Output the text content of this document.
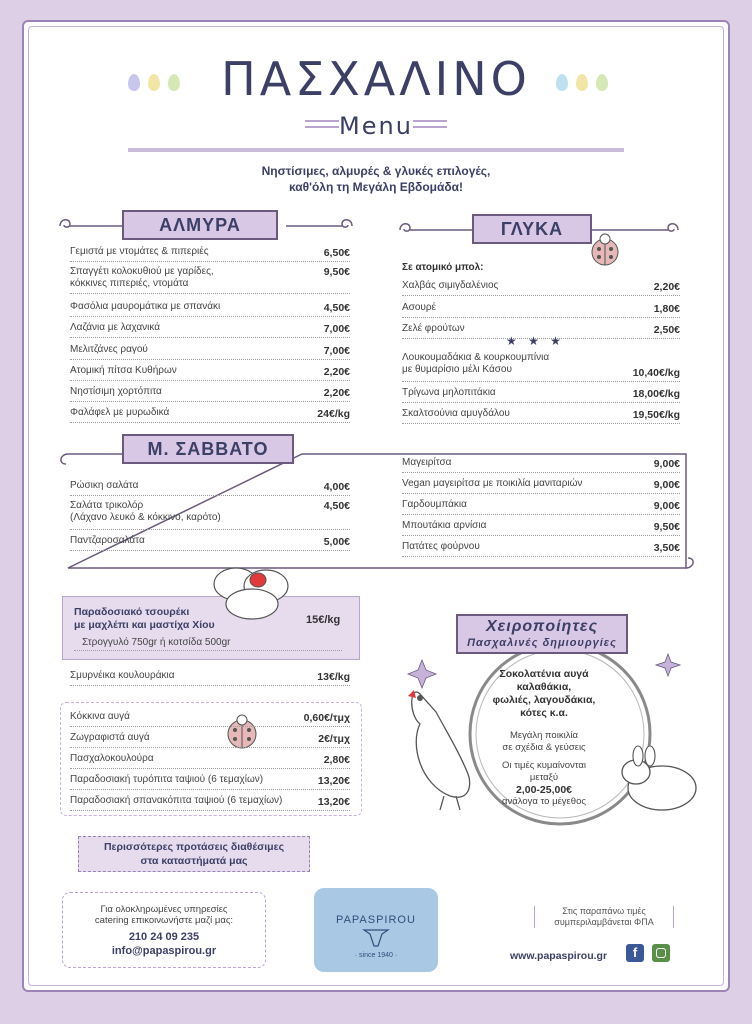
ΠΑΣΧΑΛΙΝΟ
Menu
Νηστίσιμες, αλμυρές & γλυκές επιλογές,
καθ'όλη τη Μεγάλη Εβδομάδα!
ΑΛΜΥΡΑ	ΓΛΥΚΑ
Γεμιστά με ντομάτες & πιπεριές	6,50€
Σπαγγέτι κολοκυθιού με γαρίδες,
κόκκινες πιπεριές, ντομάτα
9,50€
Φασόλια μαυρομάτικα με σπανάκι	4,50€
Λαζάνια με λαχανικά	7,00€
Μελιτζάνες ραγού	7,00€
Ατομική πίτσα Κυθήρων	2,20€
Νηστίσιμη χορτόπιτα	2,20€
Φαλάφελ με μυρωδικά	24€/kg
Σε ατομικό μπολ:
Χαλβάς σιμιγδαλένιος	2,20€
Ασουρέ	1,80€
Ζελέ φρούτων	2,50€
★ ★ ★
Λουκουμαδάκια & κουρκουμπίνια
με θυμαρίσιο μέλι Κάσου	10,40€/kg
Τρίγωνα μηλοπιτάκια	18,00€/kg
Σκαλτσούνια αμυγδάλου	19,50€/kg
Μ. ΣΑΒΒΑΤΟ
Ρώσικη σαλάτα	4,00€
Σαλάτα τρικολόρ
(Λάχανο λευκό & κόκκινο, καρότο)
4,50€
Παντζαροσαλάτα	5,00€
Μαγειρίτσα	9,00€
Vegan μαγειρίτσα με ποικιλία μανιταριών	9,00€
Γαρδουμπάκια	9,00€
Μπουτάκια αρνίσια	9,50€
Πατάτες φούρνου	3,50€
Παραδοσιακό τσουρέκι
με μαχλέπι και μαστίχα Χίου	15€/kg
Στρογγυλό 750gr ή κοτσίδα 500gr
Σμυρνέικα κουλουράκια	13€/kg
Κόκκινα αυγά	0,60€/τμχ
Ζωγραφιστά αυγά	2€/τμχ
Πασχαλοκουλούρα	2,80€
Παραδοσιακή τυρόπιτα ταψιού (6 τεμαχίων)	13,20€
Παραδοσιακή σπανακόπιτα ταψιού (6 τεμαχίων)	13,20€
Χειροποίητες
Πασχαλινές δημιουργίες
Σοκολατένια αυγά
καλαθάκια,
φωλιές, λαγουδάκια,
κότες κ.α.
Μεγάλη ποικιλία
σε σχέδια & γεύσεις
Οι τιμές κυμαίνονται
μεταξύ
2,00-25,00€
ανάλογα το μέγεθος
Περισσότερες προτάσεις διαθέσιμες
στα καταστήματά μας
Για ολοκληρωμένες υπηρεσίες
catering επικοινωνήστε μαζί μας:
210 24 09 235
info@papaspirou.gr
PAPASPIROU
· since 1940 ·
Στις παραπάνω τιμές
συμπεριλαμβάνεται ΦΠΑ
www.papaspirou.gr	f
